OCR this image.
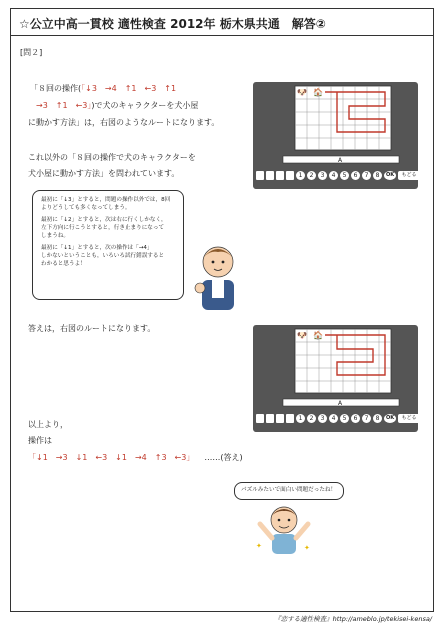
☆公立中高一貫校 適性検査 2012年 栃木県共通　解答②
[問２]
「８回の操作(「↓3　→4　↑1　←3　↑1
→3　↑1　←3」)で犬のキャラクターを犬小屋
に動かす方法」は，右図のようなルートになります。
これ以外の「８回の操作で犬のキャラクターを
犬小屋に動かす方法」を問われています。
🐶 🏠
A
1	2	3	4	5	6	7	8	OK	もどる
最初に「↓3」とすると，問題の操作以外では，8回
よりどうしても多くなってしまう。
最初に「↓2」とすると，次は右に行くしかなく，
左下方向に行こうとすると，行き止まりになって
しまうね。
最初に「↓1」とすると，次の操作は「→4」
しかないということも，いろいろ試行錯誤すると
わかると思うよ！
答えは，右図のルートになります。
🐶 🏠
A
1	2	3	4	5	6	7	8	OK	もどる
以上より，
操作は
「↓1　→3　↓1　←3　↓1　→4　↑3　←3」 ……(答え)
パズルみたいで面白い問題だったね！
✦	✦
『恋する適性検査』http://ameblo.jp/tekisei-kensa/
